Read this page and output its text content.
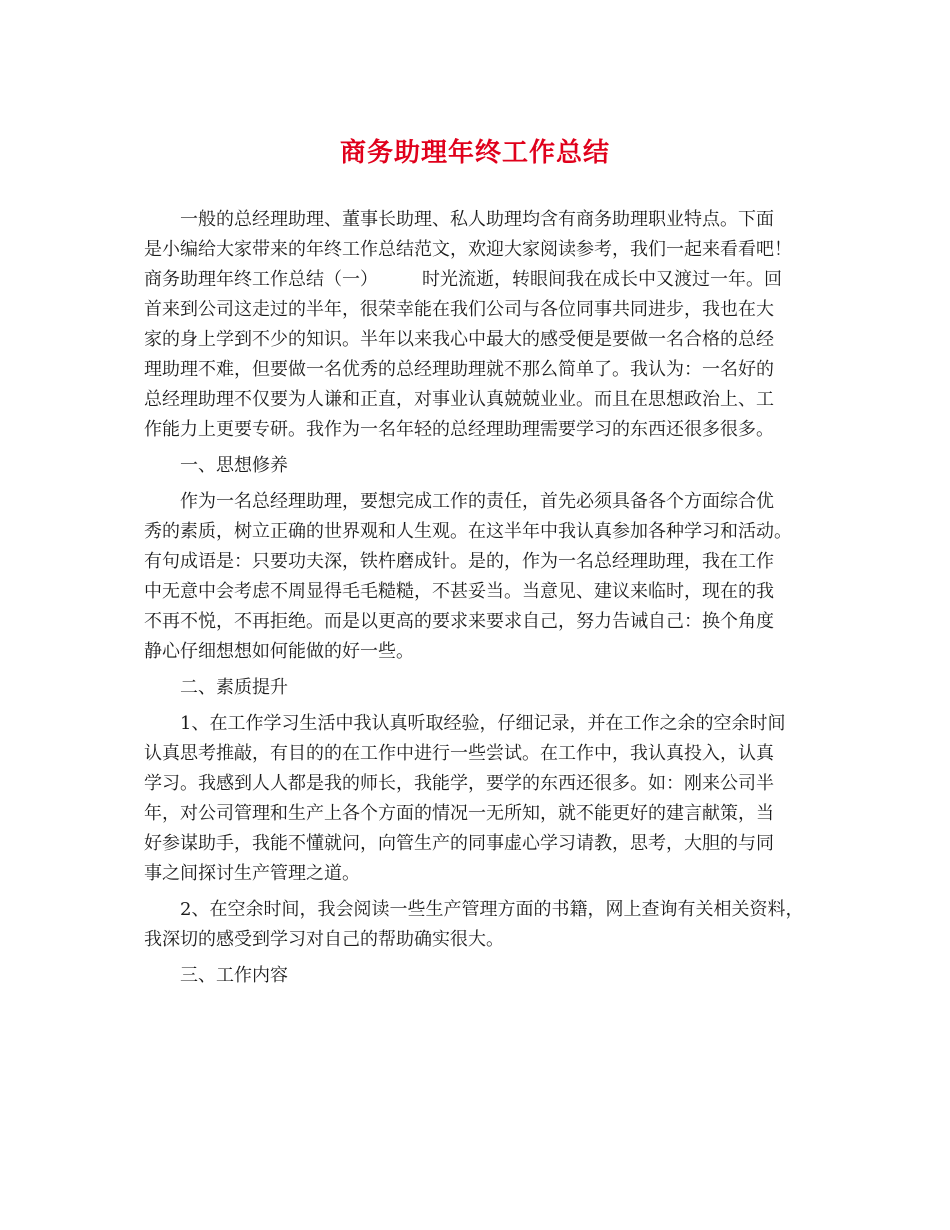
商务助理年终工作总结
一般的总经理助理、董事长助理、私人助理均含有商务助理职业特点。下面
是小编给大家带来的年终工作总结范文，欢迎大家阅读参考，我们一起来看看吧！
商务助理年终工作总结（一） 时光流逝，转眼间我在成长中又渡过一年。回
首来到公司这走过的半年，很荣幸能在我们公司与各位同事共同进步，我也在大
家的身上学到不少的知识。半年以来我心中最大的感受便是要做一名合格的总经
理助理不难，但要做一名优秀的总经理助理就不那么简单了。我认为：一名好的
总经理助理不仅要为人谦和正直，对事业认真兢兢业业。而且在思想政治上、工
作能力上更要专研。我作为一名年轻的总经理助理需要学习的东西还很多很多。
一、思想修养
作为一名总经理助理，要想完成工作的责任，首先必须具备各个方面综合优
秀的素质，树立正确的世界观和人生观。在这半年中我认真参加各种学习和活动。
有句成语是：只要功夫深，铁杵磨成针。是的，作为一名总经理助理，我在工作
中无意中会考虑不周显得毛毛糙糙，不甚妥当。当意见、建议来临时，现在的我
不再不悦，不再拒绝。而是以更高的要求来要求自己，努力告诫自己：换个角度
静心仔细想想如何能做的好一些。
二、素质提升
1、在工作学习生活中我认真听取经验，仔细记录，并在工作之余的空余时间
认真思考推敲，有目的的在工作中进行一些尝试。在工作中，我认真投入，认真
学习。我感到人人都是我的师长，我能学，要学的东西还很多。如：刚来公司半
年，对公司管理和生产上各个方面的情况一无所知，就不能更好的建言献策，当
好参谋助手，我能不懂就问，向管生产的同事虚心学习请教，思考，大胆的与同
事之间探讨生产管理之道。
2、在空余时间，我会阅读一些生产管理方面的书籍，网上查询有关相关资料，
我深切的感受到学习对自己的帮助确实很大。
三、工作内容
